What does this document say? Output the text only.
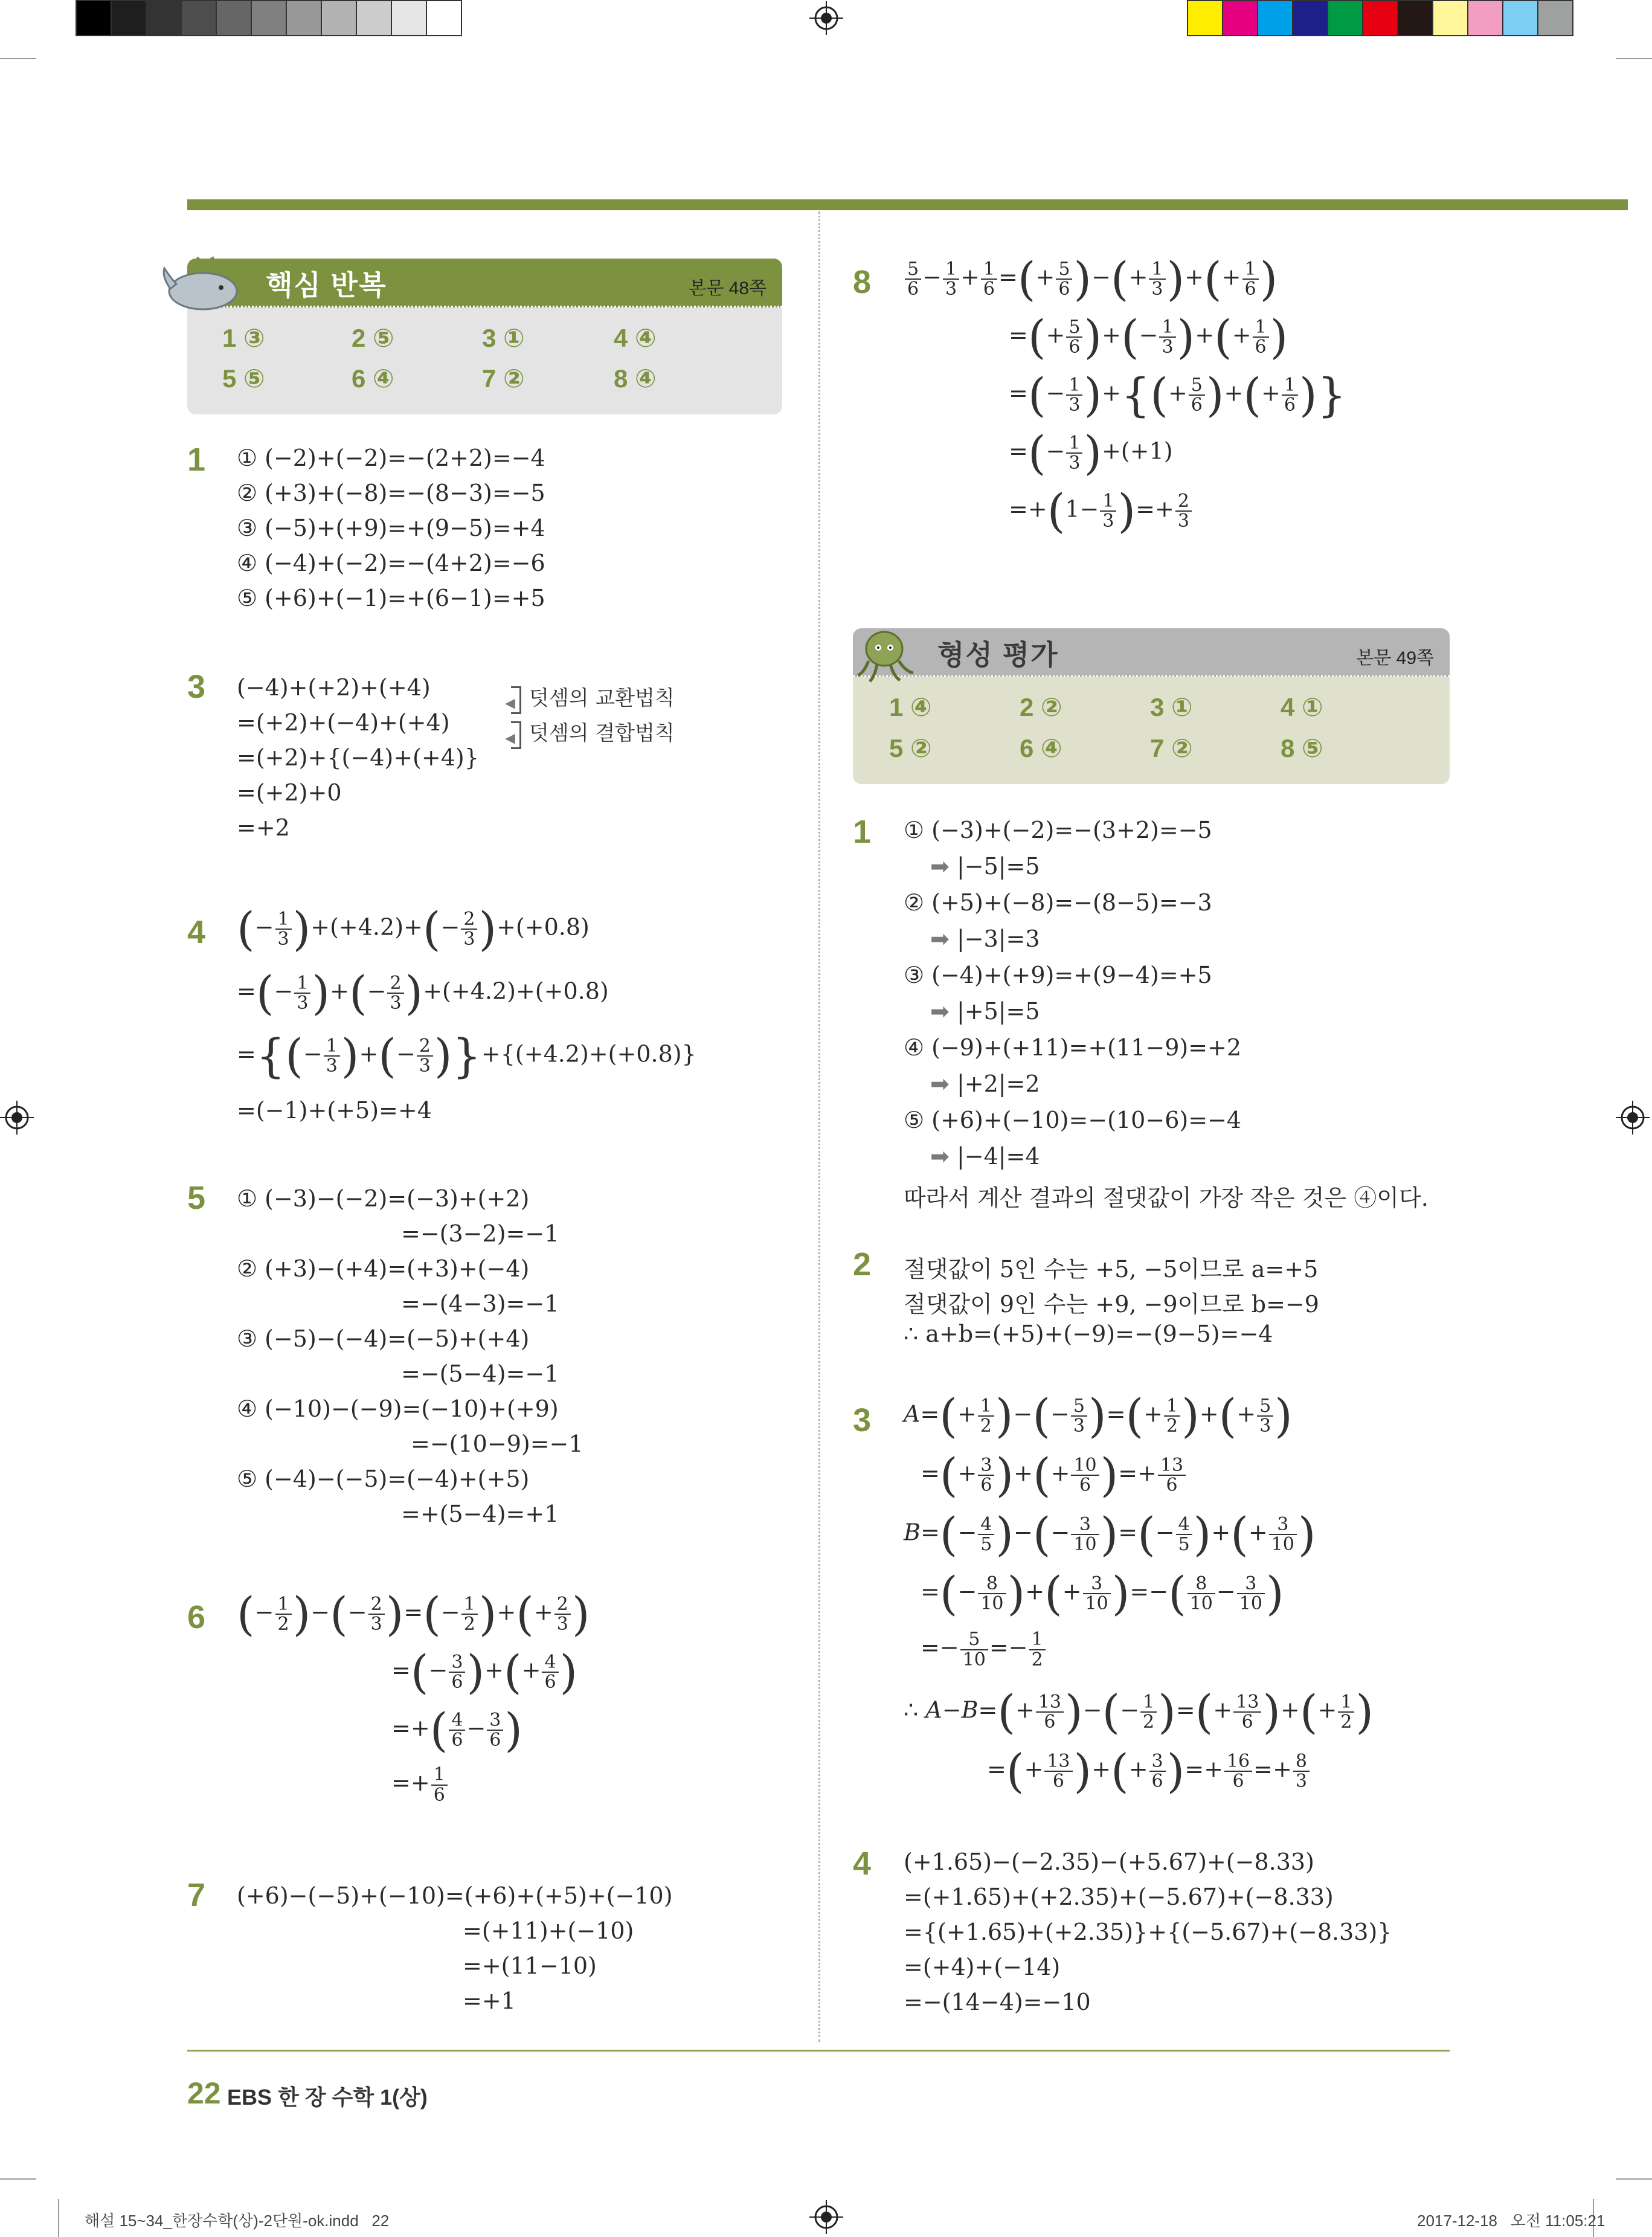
핵심 반복	본문 48쪽
1 ③	2 ⑤	3 ①	4 ④
5 ⑤	6 ④	7 ②	8 ④
1 ① (−2)+(−2)=−(2+2)=−4
② (+3)+(−8)=−(8−3)=−5
③ (−5)+(+9)=+(9−5)=+4
④ (−4)+(−2)=−(4+2)=−6
⑤ (+6)+(−1)=+(6−1)=+5
3 (−4)+(+2)+(+4)
=(+2)+(−4)+(+4)
=(+2)+{(−4)+(+4)}
=(+2)+0
=+2
◀
◀
덧셈의 교환법칙
덧셈의 결합법칙
4 (− $\frac{1}{3} )+(+4.2)+(- \frac{2}{3} )+(+0.8)$
=(− $\frac{1}{3}$ )+(− $\frac{2}{3} )+(+4.2)+(+0.8)$
={(− $\frac{1}{3}$ )+(− $\frac{2}{3} )\}+\{(+4.2)+(+0.8)\}$
=(−1)+(+5)=+4
5 ① (−3)−(−2)=(−3)+(+2)
=−(3−2)=−1
② (+3)−(+4)=(+3)+(−4)
=−(4−3)=−1
③ (−5)−(−4)=(−5)+(+4)
=−(5−4)=−1
④ (−10)−(−9)=(−10)+(+9)
=−(10−9)=−1
⑤ (−4)−(−5)=(−4)+(+5)
=+(5−4)=+1
6 (− $\frac{1}{2}$ )−(− $\frac{2}{3}$ )=(− $\frac{1}{2}$ )+(+ $\frac{2}{3}$ )
=(− $\frac{3}{6}$ )+(+ $\frac{4}{6}$ )
=+( $\frac{4}{6} - \frac{3}{6}$ )
=+ $\frac{1}{6}$
7 (+6)−(−5)+(−10)=(+6)+(+5)+(−10)
=(+11)+(−10)
=+(11−10)
=+1
$8 \frac{5}{6} - \frac{1}{3} + \frac{1}{6}$ =(+ $\frac{5}{6}$ )−(+ $\frac{1}{3}$ )+(+ $\frac{1}{6}$ )
=(+ $\frac{5}{6}$ )+(− $\frac{1}{3}$ )+(+ $\frac{1}{6}$ )
=(− $\frac{1}{3}$ )+{(+ $\frac{5}{6}$ )+(+ $\frac{1}{6}$ )}
=(− $\frac{1}{3} )+(+1)$
$=+(1- \frac{1}{3}$ )=+ $\frac{2}{3}$
형성 평가	본문 49쪽
1 ④	2 ②	3 ①	4 ①
5 ②	6 ④	7 ②	8 ⑤
1 ① (−3)+(−2)=−(3+2)=−5
➡ |−5|=5
② (+5)+(−8)=−(8−5)=−3
➡ |−3|=3
③ (−4)+(+9)=+(9−4)=+5
➡ |+5|=5
④ (−9)+(+11)=+(11−9)=+2
➡ |+2|=2
⑤ (+6)+(−10)=−(10−6)=−4
➡ |−4|=4
따라서 계산 결과의 절댓값이 가장 작은 것은 ④이다.
2 절댓값이 5인 수는 +5, −5이므로 a=+5
절댓값이 9인 수는 +9, −9이므로 b=−9
∴ a+b=(+5)+(−9)=−(9−5)=−4
3 $A=(+ \frac{1}{2}$ )−(− $\frac{5}{3}$ )=(+ $\frac{1}{2}$ )+(+ $\frac{5}{3}$ )
=(+ $\frac{3}{6}$ )+(+ $\frac{10}{6}$ )=+ $\frac{13}{6}$
$B=(- \frac{4}{5}$ )−(− $\frac{3}{10}$ )=(− $\frac{4}{5}$ )+(+ $\frac{3}{10}$ )
=(− $\frac{8}{10}$ )+(+ $\frac{3}{10}$ )=−( $\frac{8}{10} - \frac{3}{10}$ )
=− $\frac{5}{10} =- \frac{1}{2}$
∴ $A-B=(+ \frac{13}{6}$ )−(− $\frac{1}{2}$ )=(+ $\frac{13}{6}$ )+(+ $\frac{1}{2}$ )
=(+ $\frac{13}{6}$ )+(+ $\frac{3}{6}$ )=+ $\frac{16}{6} =+ \frac{8}{3}$
4 (+1.65)−(−2.35)−(+5.67)+(−8.33)
=(+1.65)+(+2.35)+(−5.67)+(−8.33)
={(+1.65)+(+2.35)}+{(−5.67)+(−8.33)}
=(+4)+(−14)
=−(14−4)=−10
22 EBS 한 장 수학 1(상)
해설 15~34_한장수학(상)-2단원-ok.indd   22	2017-12-18   오전 11:05:21
